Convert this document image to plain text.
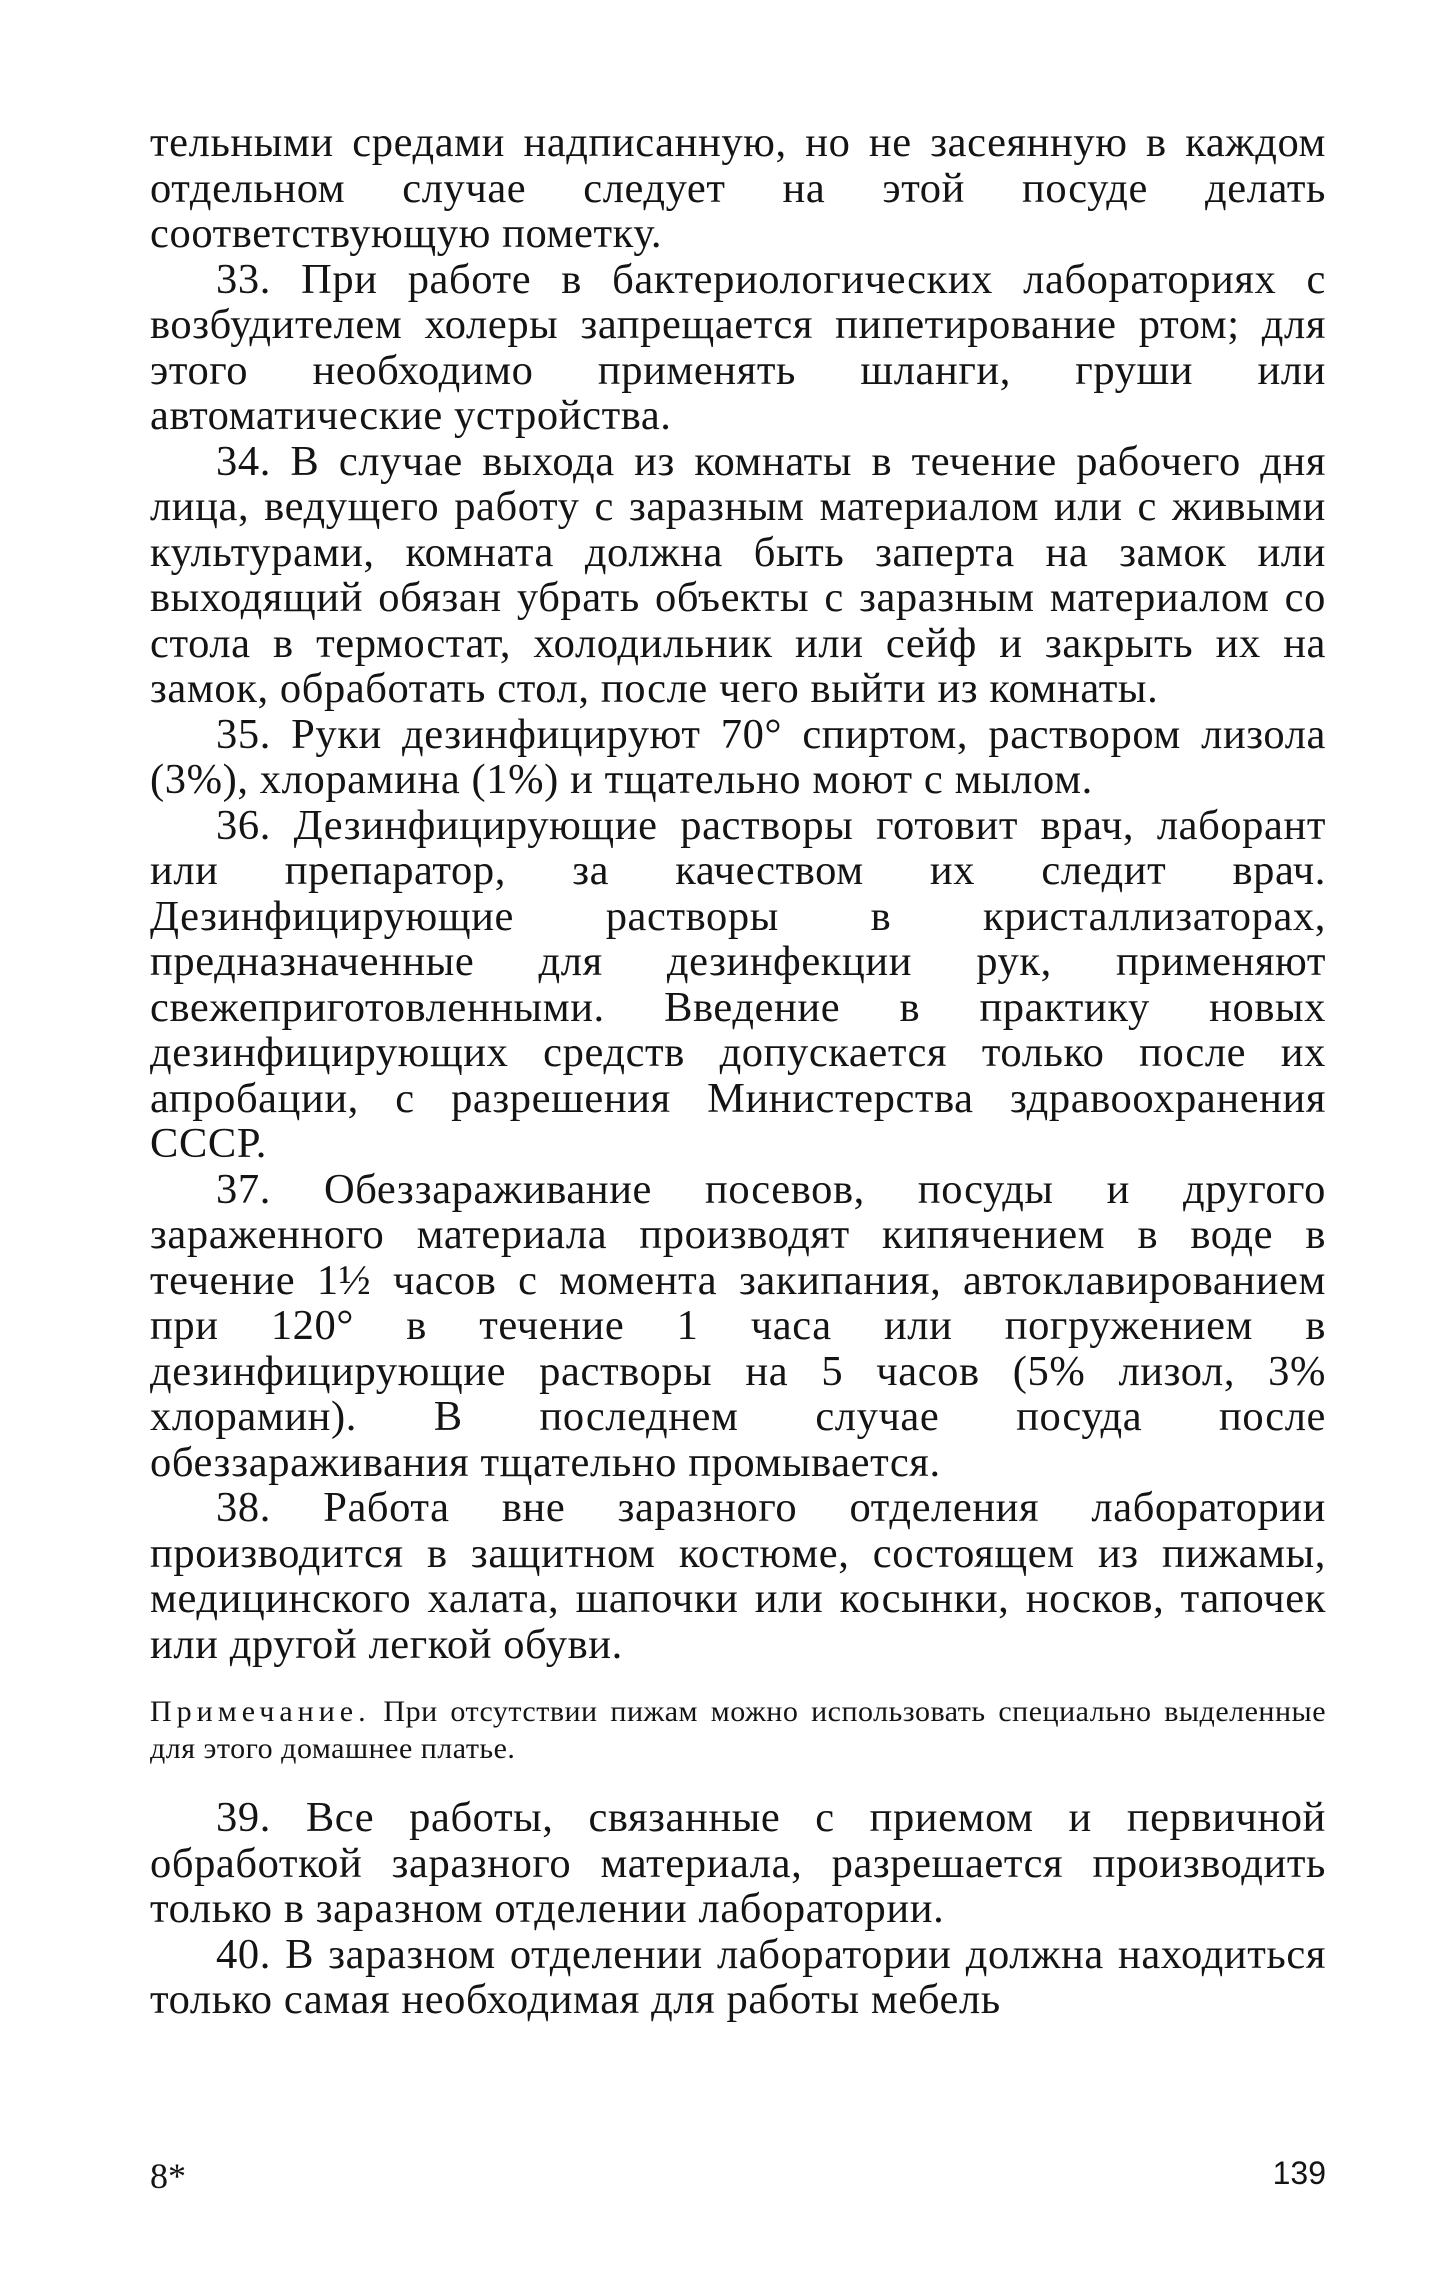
тельными средами надписанную, но не засеянную в каждом отдельном случае следует на этой посуде делать соответствующую пометку.

33. При работе в бактериологических лабораториях с возбудителем холеры запрещается пипетирование ртом; для этого необходимо применять шланги, груши или автоматические устройства.

34. В случае выхода из комнаты в течение рабочего дня лица, ведущего работу с заразным материалом или с живыми культурами, комната должна быть заперта на замок или выходящий обязан убрать объекты с заразным материалом со стола в термостат, холодильник или сейф и закрыть их на замок, обработать стол, после чего выйти из комнаты.

35. Руки дезинфицируют 70° спиртом, раствором лизола (3%), хлорамина (1%) и тщательно моют с мылом.

36. Дезинфицирующие растворы готовит врач, лаборант или препаратор, за качеством их следит врач. Дезинфицирующие растворы в кристаллизаторах, предназначенные для дезинфекции рук, применяют свежеприготовленными. Введение в практику новых дезинфицирующих средств допускается только после их апробации, с разрешения Министерства здравоохранения СССР.

37. Обеззараживание посевов, посуды и другого зараженного материала производят кипячением в воде в течение 1½ часов с момента закипания, автоклавированием при 120° в течение 1 часа или погружением в дезинфицирующие растворы на 5 часов (5% лизол, 3% хлорамин). В последнем случае посуда после обеззараживания тщательно промывается.

38. Работа вне заразного отделения лаборатории производится в защитном костюме, состоящем из пижамы, медицинского халата, шапочки или косынки, носков, тапочек или другой легкой обуви.

Примечание. При отсутствии пижам можно использовать специально выделенные для этого домашнее платье.

39. Все работы, связанные с приемом и первичной обработкой заразного материала, разрешается производить только в заразном отделении лаборатории.

40. В заразном отделении лаборатории должна находиться только самая необходимая для работы мебель

8*	139
